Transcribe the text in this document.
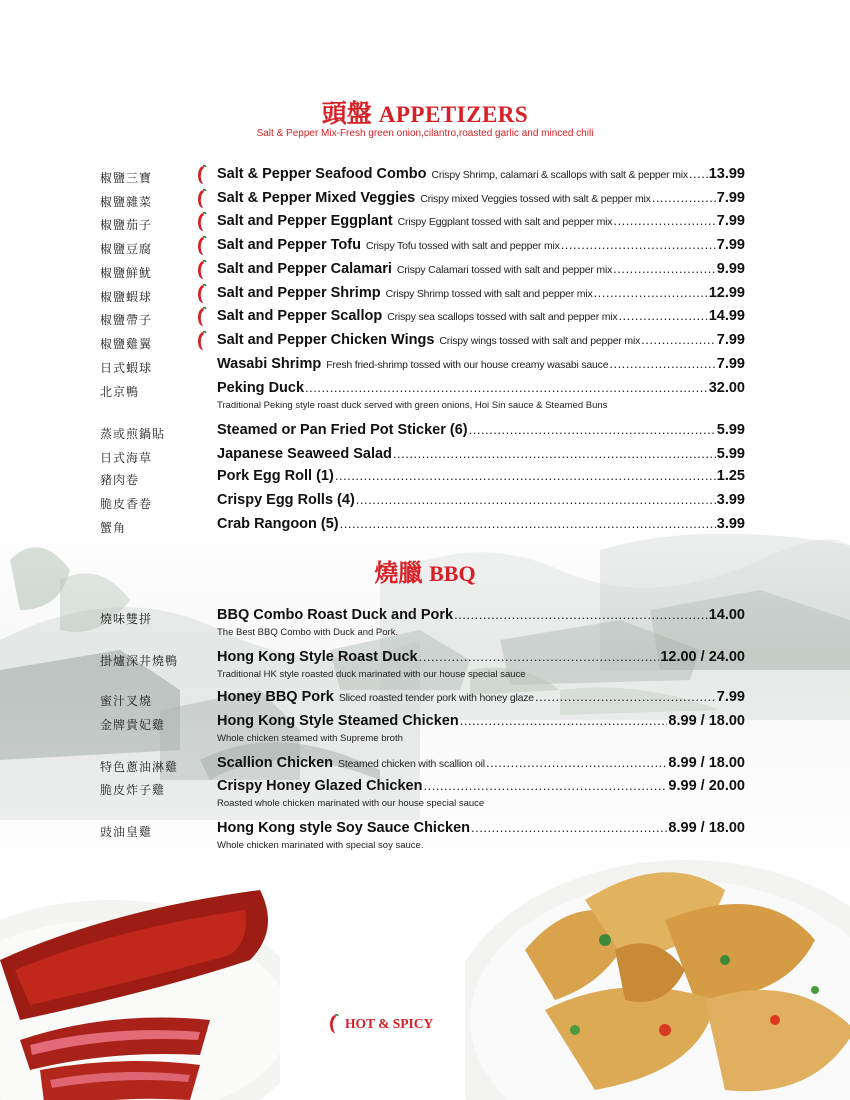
頭盤 APPETIZERS
Salt & Pepper Mix-Fresh green onion,cilantro,roasted garlic and minced chili
椒鹽三寶	Salt & Pepper Seafood Combo Crispy Shrimp, calamari & scallops with salt & pepper mix ..... 13.99
椒鹽雜菜	Salt & Pepper Mixed Veggies Crispy mixed Veggies tossed with salt & pepper mix .....	7.99
椒鹽茄子	Salt and Pepper Eggplant Crispy Eggplant tossed with salt and pepper mix .....	7.99
椒鹽豆腐	Salt and Pepper Tofu Crispy Tofu tossed with salt and pepper mix .....	7.99
椒鹽鮮魷	Salt and Pepper Calamari Crispy Calamari tossed with salt and pepper mix .....	9.99
椒鹽蝦球	Salt and Pepper Shrimp Crispy Shrimp tossed with salt and pepper mix .....	12.99
椒鹽帶子	Salt and Pepper Scallop Crispy sea scallops tossed with salt and pepper mix .....	14.99
椒鹽雞翼	Salt and Pepper Chicken Wings Crispy wings tossed with salt and pepper mix .....	7.99
日式蝦球	Wasabi Shrimp Fresh fried-shrimp tossed with our house creamy wasabi sauce .....	7.99
北京鴨	Peking Duck .....	32.00
Traditional Peking style roast duck served with green onions, Hoi Sin sauce & Steamed Buns
蒸或煎鍋貼	Steamed or Pan Fried Pot Sticker (6) .....	5.99
日式海草	Japanese Seaweed Salad .....	5.99
豬肉卷	Pork Egg Roll (1) .....	1.25
脆皮香卷	Crispy Egg Rolls (4) .....	3.99
蟹角	Crab Rangoon (5) .....	3.99
燒臘 BBQ
燒味雙拼	BBQ Combo Roast Duck and Pork .....	14.00
The Best BBQ Combo with Duck and Pork.
掛爐深井燒鴨	Hong Kong Style Roast Duck .....	12.00 / 24.00
Traditional HK style roasted duck marinated with our house special sauce
蜜汁叉燒	Honey BBQ Pork Sliced roasted tender pork with honey glaze .....	7.99
金牌貴妃雞	Hong Kong Style Steamed Chicken .....	8.99 / 18.00
Whole chicken steamed with Supreme broth
特色蔥油淋雞	Scallion Chicken Steamed chicken with scallion oil .....	8.99 / 18.00
脆皮炸子雞	Crispy Honey Glazed Chicken .....	9.99 / 20.00
Roasted whole chicken marinated with our house special sauce
豉油皇雞	Hong Kong style Soy Sauce Chicken .....	8.99 / 18.00
Whole chicken marinated with special soy sauce.
HOT & SPICY
